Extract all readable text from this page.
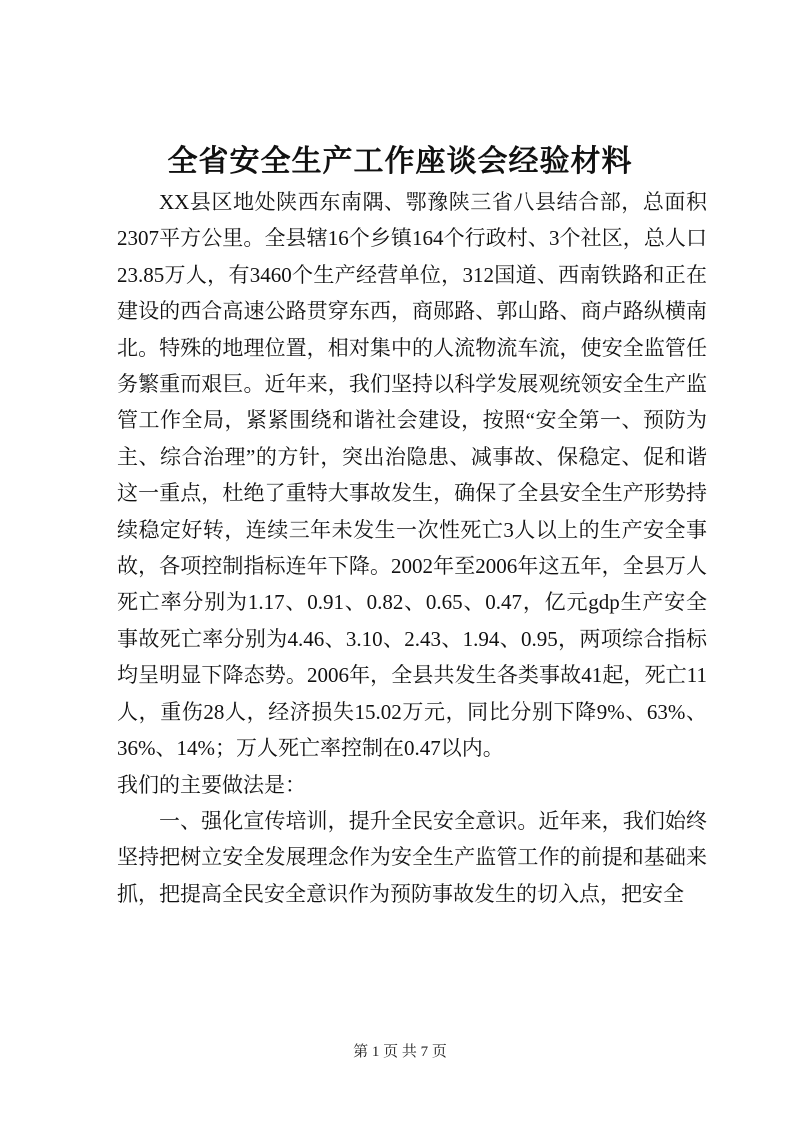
全省安全生产工作座谈会经验材料

XX县区地处陕西东南隅、鄂豫陕三省八县结合部，总面积2307平方公里。全县辖16个乡镇164个行政村、3个社区，总人口23.85万人，有3460个生产经营单位，312国道、西南铁路和正在建设的西合高速公路贯穿东西，商郧路、郭山路、商卢路纵横南北。特殊的地理位置，相对集中的人流物流车流，使安全监管任务繁重而艰巨。近年来，我们坚持以科学发展观统领安全生产监管工作全局，紧紧围绕和谐社会建设，按照“安全第一、预防为主、综合治理”的方针，突出治隐患、减事故、保稳定、促和谐这一重点，杜绝了重特大事故发生，确保了全县安全生产形势持续稳定好转，连续三年未发生一次性死亡3人以上的生产安全事故，各项控制指标连年下降。2002年至2006年这五年，全县万人死亡率分别为1.17、0.91、0.82、0.65、0.47，亿元gdp生产安全事故死亡率分别为4.46、3.10、2.43、1.94、0.95，两项综合指标均呈明显下降态势。2006年，全县共发生各类事故41起，死亡11人，重伤28人，经济损失15.02万元，同比分别下降9%、63%、36%、14%；万人死亡率控制在0.47以内。

我们的主要做法是：

一、强化宣传培训，提升全民安全意识。近年来，我们始终坚持把树立安全发展理念作为安全生产监管工作的前提和基础来抓，把提高全民安全意识作为预防事故发生的切入点，把安全

第 1 页 共 7 页
